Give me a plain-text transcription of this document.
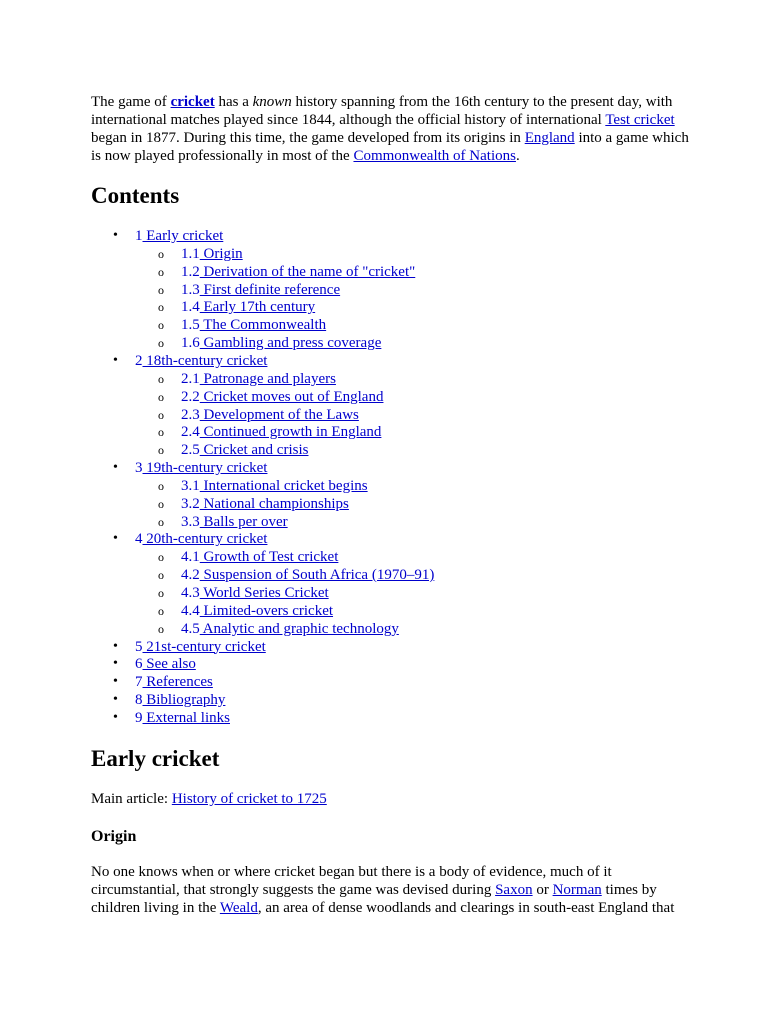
The game of cricket has a known history spanning from the 16th century to the present day, with international matches played since 1844, although the official history of international Test cricket began in 1877. During this time, the game developed from its origins in England into a game which is now played professionally in most of the Commonwealth of Nations.

Contents
• 1 Early cricket
o 1.1 Origin
o 1.2 Derivation of the name of "cricket"
o 1.3 First definite reference
o 1.4 Early 17th century
o 1.5 The Commonwealth
o 1.6 Gambling and press coverage
• 2 18th-century cricket
o 2.1 Patronage and players
o 2.2 Cricket moves out of England
o 2.3 Development of the Laws
o 2.4 Continued growth in England
o 2.5 Cricket and crisis
• 3 19th-century cricket
o 3.1 International cricket begins
o 3.2 National championships
o 3.3 Balls per over
• 4 20th-century cricket
o 4.1 Growth of Test cricket
o 4.2 Suspension of South Africa (1970–91)
o 4.3 World Series Cricket
o 4.4 Limited-overs cricket
o 4.5 Analytic and graphic technology
• 5 21st-century cricket
• 6 See also
• 7 References
• 8 Bibliography
• 9 External links
Early cricket

Main article: History of cricket to 1725

Origin

No one knows when or where cricket began but there is a body of evidence, much of it circumstantial, that strongly suggests the game was devised during Saxon or Norman times by children living in the Weald, an area of dense woodlands and clearings in south-east England that
